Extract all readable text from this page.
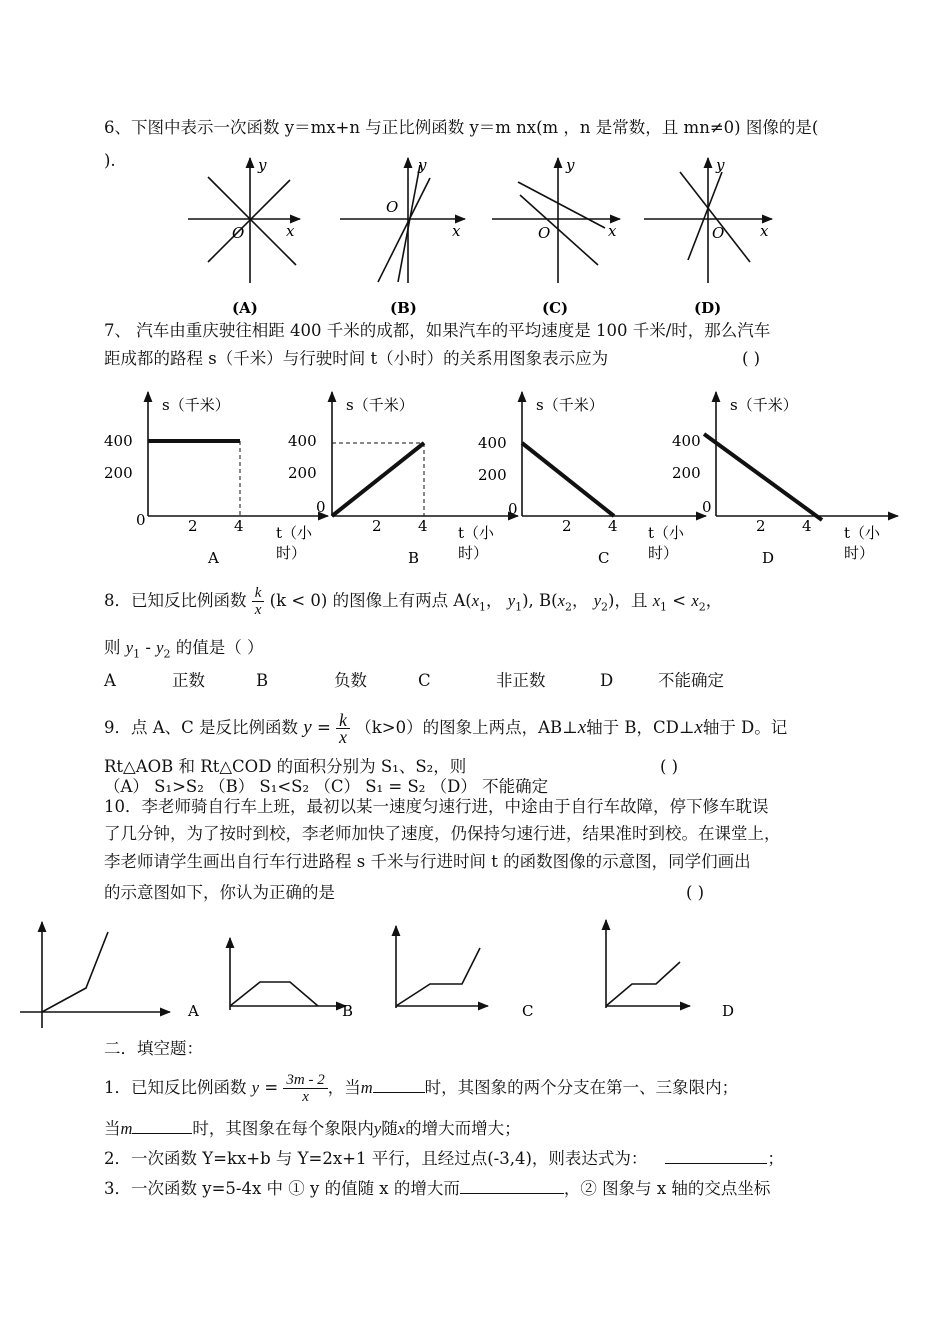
6、下图中表示一次函数 y＝mx+n 与正比例函数 y＝m nx(m ，n 是常数，且 mn≠0) 图像的是(
).	y
x
O
(A)
y
x
O
(B)
y
x
O
(C)
y
x
O
(D)
7、 汽车由重庆驶往相距 400 千米的成都，如果汽车的平均速度是 100 千米/时，那么汽车
距成都的路程 s（千米）与行驶时间 t（小时）的关系用图象表示应为	( )
s（千米）
400
200
0	2 4 t（小
时）
A
s（千米）
400
200
0
2 4 t（小
时）
B
s（千米）
400
200
0
2 4 t（小
时）
C
s（千米）
400
200
0
2 4 t（小
时）
D
8．已知反比例函数 $\frac{k}{x} (k < 0)$ 的图像上有两点 $A(x_1$， $y_1$), $B(x_2$， $y_2$)，且 $x_1 < x_2$，
则 $y_1 - y_2$ 的值是（ ）
A	正数	B	负数	C	非正数	D	不能确定
9．点 A、C 是反比例函数 $y = \frac{k}{x} (k>0)$的图象上两点，AB⊥x轴于 B，CD⊥x轴于 D。记
Rt△AOB 和 Rt△COD 的面积分别为 S₁、S₂，则	( )
（A） S₁>S₂ （B） S₁<S₂ （C） S₁ = S₂ （D） 不能确定
10．李老师骑自行车上班，最初以某一速度匀速行进，中途由于自行车故障，停下修车耽误
了几分钟，为了按时到校，李老师加快了速度，仍保持匀速行进，结果准时到校。在课堂上，
李老师请学生画出自行车行进路程 s 千米与行进时间 t 的函数图像的示意图，同学们画出
的示意图如下，你认为正确的是	( )
A	B	C	D
二．填空题：
1．已知反比例函数 $y = \frac{3m - 2}{x}$ ，当m	时，其图象的两个分支在第一、三象限内；
当m	时，其图象在每个象限内y随x的增大而增大；
2．一次函数 Y=kx+b 与 Y=2x+1 平行，且经过点(-3,4)，则表达式为：	；
3．一次函数 y=5-4x 中 ① y 的值随 x 的增大而	，② 图象与 x 轴的交点坐标
